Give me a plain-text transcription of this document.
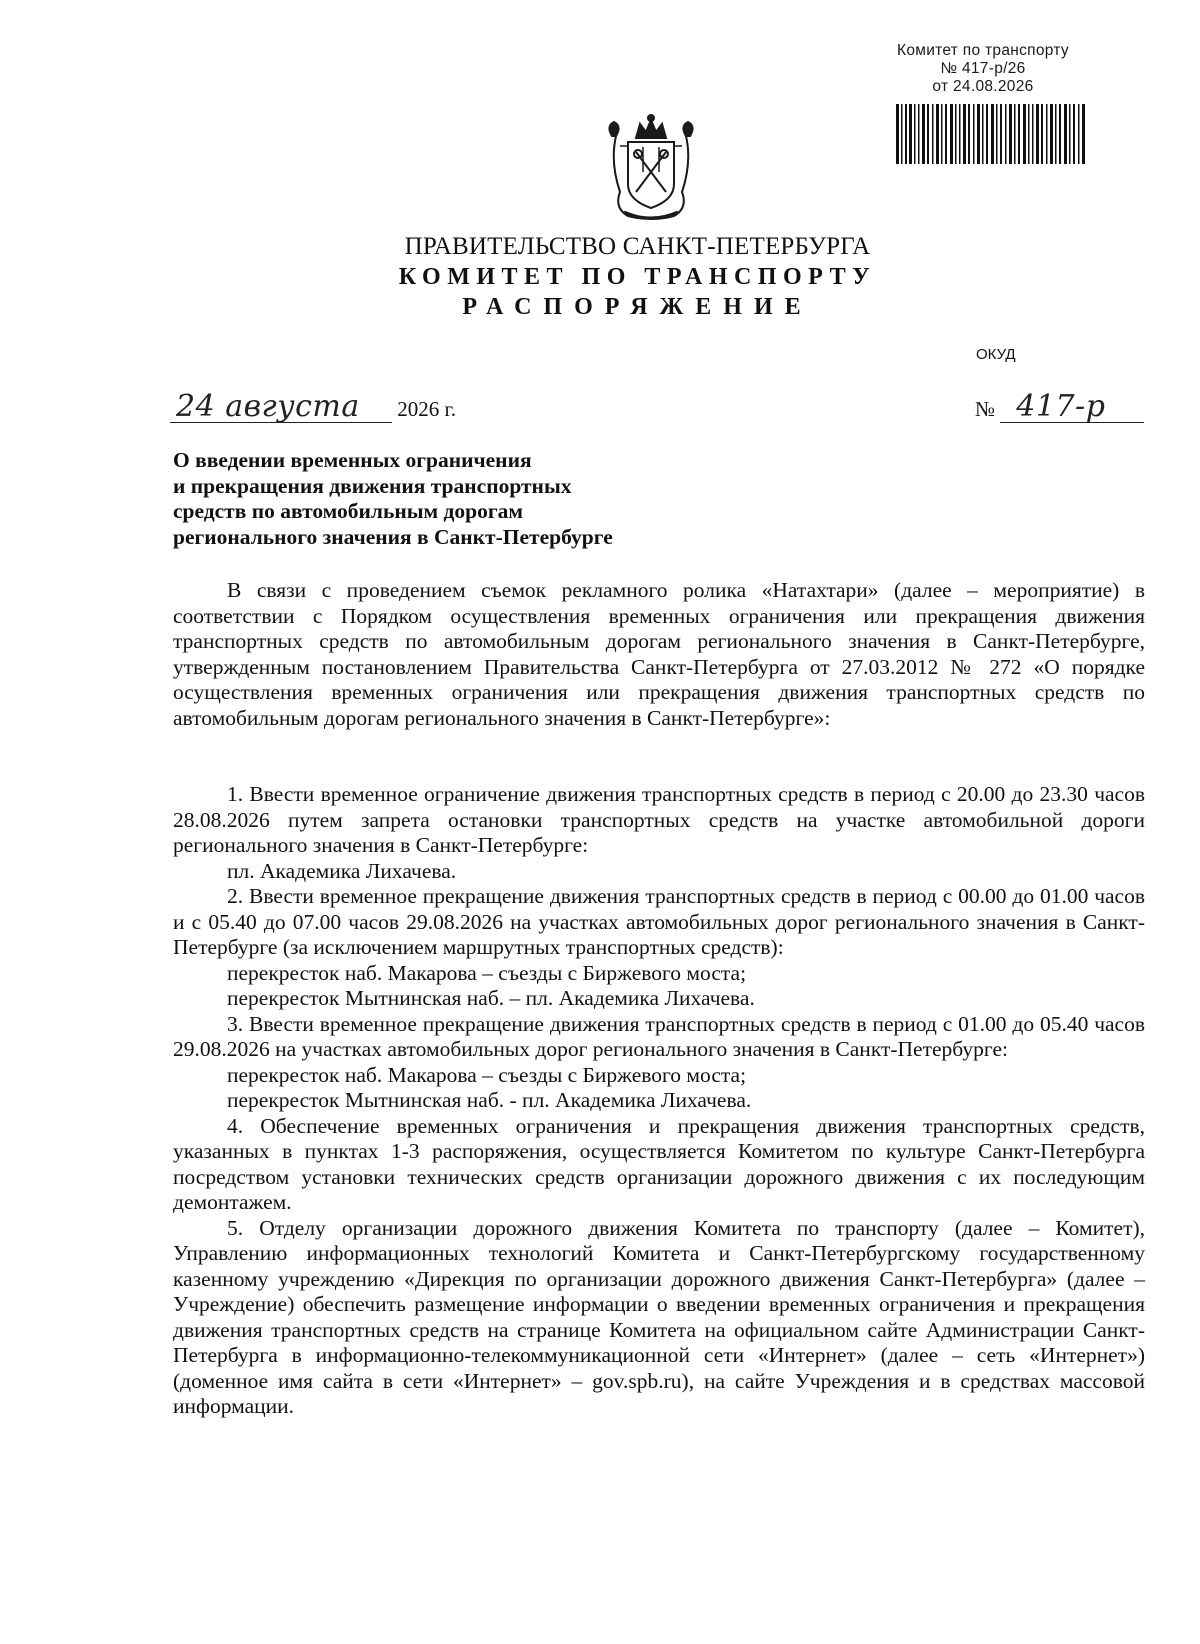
Комитет по транспорту
№ 417-р/26
от 24.08.2026
ПРАВИТЕЛЬСТВО САНКТ-ПЕТЕРБУРГА
КОМИТЕТ ПО ТРАНСПОРТУ
РАСПОРЯЖЕНИЕ
ОКУД
24 августа 2026 г.	№ 417-р
О введении временных ограничения
и прекращения движения транспортных
средств по автомобильным дорогам
регионального значения в Санкт-Петербурге

В связи с проведением съемок рекламного ролика «Натахтари» (далее – мероприятие) в соответствии с Порядком осуществления временных ограничения или прекращения движения транспортных средств по автомобильным дорогам регионального значения в Санкт-Петербурге, утвержденным постановлением Правительства Санкт-Петербурга от 27.03.2012 № 272 «О порядке осуществления временных ограничения или прекращения движения транспортных средств по автомобильным дорогам регионального значения в Санкт-Петербурге»:

1. Ввести временное ограничение движения транспортных средств в период с 20.00 до 23.30 часов 28.08.2026 путем запрета остановки транспортных средств на участке автомобильной дороги регионального значения в Санкт-Петербурге:

пл. Академика Лихачева.

2. Ввести временное прекращение движения транспортных средств в период с 00.00 до 01.00 часов и с 05.40 до 07.00 часов 29.08.2026 на участках автомобильных дорог регионального значения в Санкт-Петербурге (за исключением маршрутных транспортных средств):

перекресток наб. Макарова – съезды с Биржевого моста;

перекресток Мытнинская наб. – пл. Академика Лихачева.

3. Ввести временное прекращение движения транспортных средств в период с 01.00 до 05.40 часов 29.08.2026 на участках автомобильных дорог регионального значения в Санкт-Петербурге:

перекресток наб. Макарова – съезды с Биржевого моста;

перекресток Мытнинская наб. - пл. Академика Лихачева.

4. Обеспечение временных ограничения и прекращения движения транспортных средств, указанных в пунктах 1-3 распоряжения, осуществляется Комитетом по культуре Санкт-Петербурга посредством установки технических средств организации дорожного движения с их последующим демонтажем.

5. Отделу организации дорожного движения Комитета по транспорту (далее – Комитет), Управлению информационных технологий Комитета и Санкт-Петербургскому государственному казенному учреждению «Дирекция по организации дорожного движения Санкт-Петербурга» (далее – Учреждение) обеспечить размещение информации о введении временных ограничения и прекращения движения транспортных средств на странице Комитета на официальном сайте Администрации Санкт-Петербурга в информационно-телекоммуникационной сети «Интернет» (далее – сеть «Интернет») (доменное имя сайта в сети «Интернет» – gov.spb.ru), на сайте Учреждения и в средствах массовой информации.
